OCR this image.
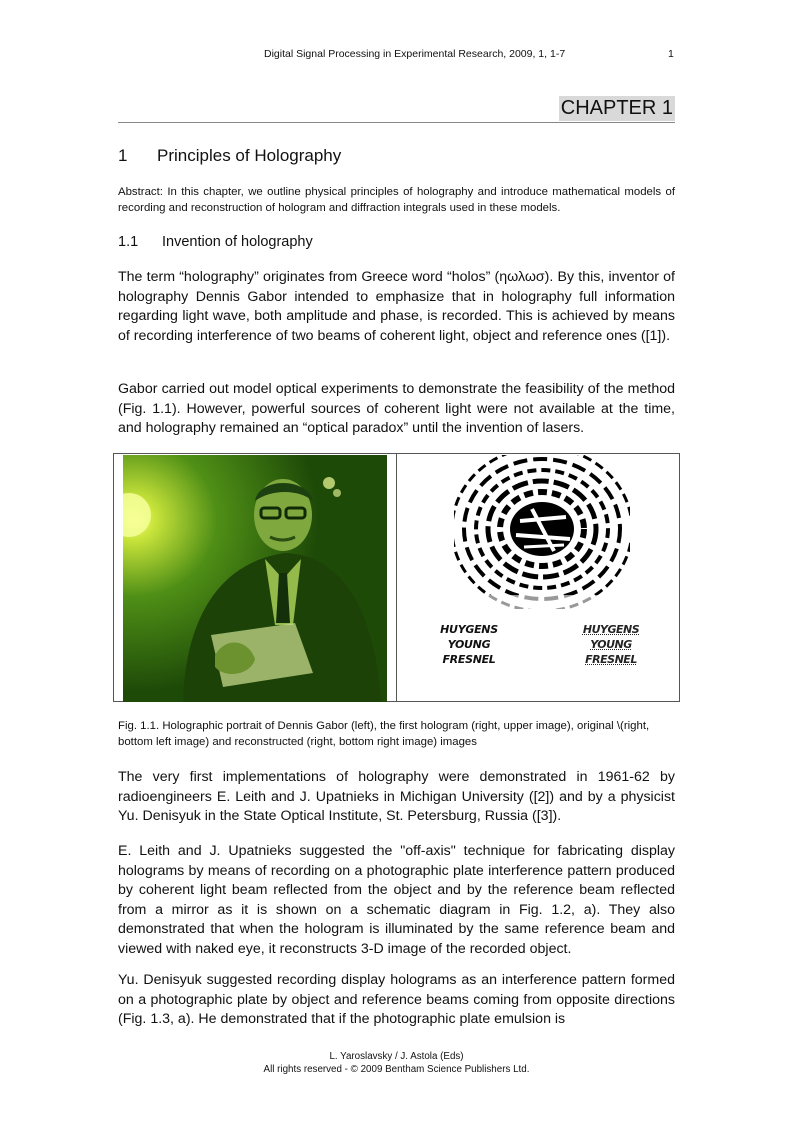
Digital Signal Processing in Experimental Research, 2009, 1, 1-7	1
CHAPTER 1
1 Principles of Holography

Abstract: In this chapter, we outline physical principles of holography and introduce mathematical models of recording and reconstruction of hologram and diffraction integrals used in these models.

1.1 Invention of holography

The term “holography” originates from Greece word “holos” (ηωλωσ). By this, inventor of holography Dennis Gabor intended to emphasize that in holography full information regarding light wave, both amplitude and phase, is recorded. This is achieved by means of recording interference of two beams of coherent light, object and reference ones ([1]).

Gabor carried out model optical experiments to demonstrate the feasibility of the method (Fig. 1.1). However, powerful sources of coherent light were not available at the time, and holography remained an “optical paradox” until the invention of lasers.

HUYGENS
YOUNG
FRESNEL
HUYGENS
YOUNG
FRESNEL

Fig. 1.1. Holographic portrait of Dennis Gabor (left), the first hologram (right, upper image), original \(right, bottom left image) and reconstructed (right, bottom right image) images

The very first implementations of holography were demonstrated in 1961-62 by radioengineers E. Leith and J. Upatnieks in Michigan University ([2]) and by a physicist Yu. Denisyuk in the State Optical Institute, St. Petersburg, Russia ([3]).

E. Leith and J. Upatnieks suggested the "off-axis" technique for fabricating display holograms by means of recording on a photographic plate interference pattern produced by coherent light beam reflected from the object and by the reference beam reflected from a mirror as it is shown on a schematic diagram in Fig. 1.2, a). They also demonstrated that when the hologram is illuminated by the same reference beam and viewed with naked eye, it reconstructs 3-D image of the recorded object.

Yu. Denisyuk suggested recording display holograms as an interference pattern formed on a photographic plate by object and reference beams coming from opposite directions (Fig. 1.3, a). He demonstrated that if the photographic plate emulsion is

L. Yaroslavsky / J. Astola (Eds)
All rights reserved - © 2009 Bentham Science Publishers Ltd.
